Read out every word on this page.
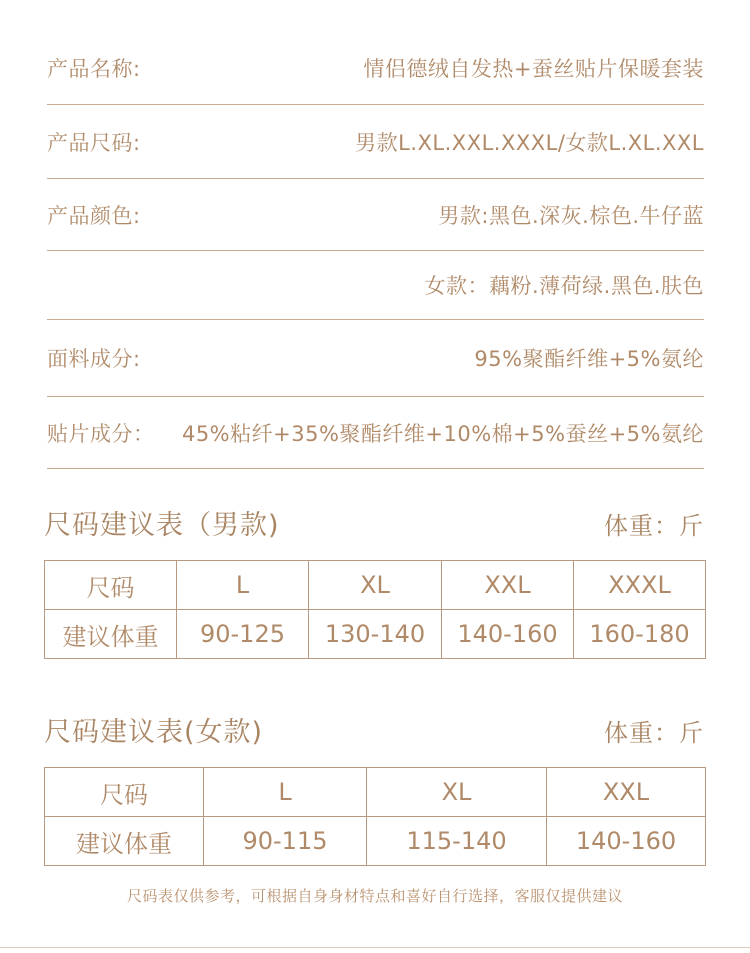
产品名称:	情侣德绒自发热+蚕丝贴片保暖套装
产品尺码:	男款L.XL.XXL.XXXL/女款L.XL.XXL
产品颜色:	男款:黑色.深灰.棕色.牛仔蓝
女款：藕粉.薄荷绿.黑色.肤色
面料成分:	95%聚酯纤维+5%氨纶
贴片成分： 45%粘纤+35%聚酯纤维+10%棉+5%蚕丝+5%氨纶
尺码建议表（男款)	体重：斤
尺码	L	XL	XXL	XXXL
建议体重	90-125	130-140	140-160	160-180
尺码建议表(女款)	体重：斤
尺码	L	XL	XXL
建议体重	90-115	115-140	140-160
尺码表仅供参考，可根据自身身材特点和喜好自行选择，客服仅提供建议
